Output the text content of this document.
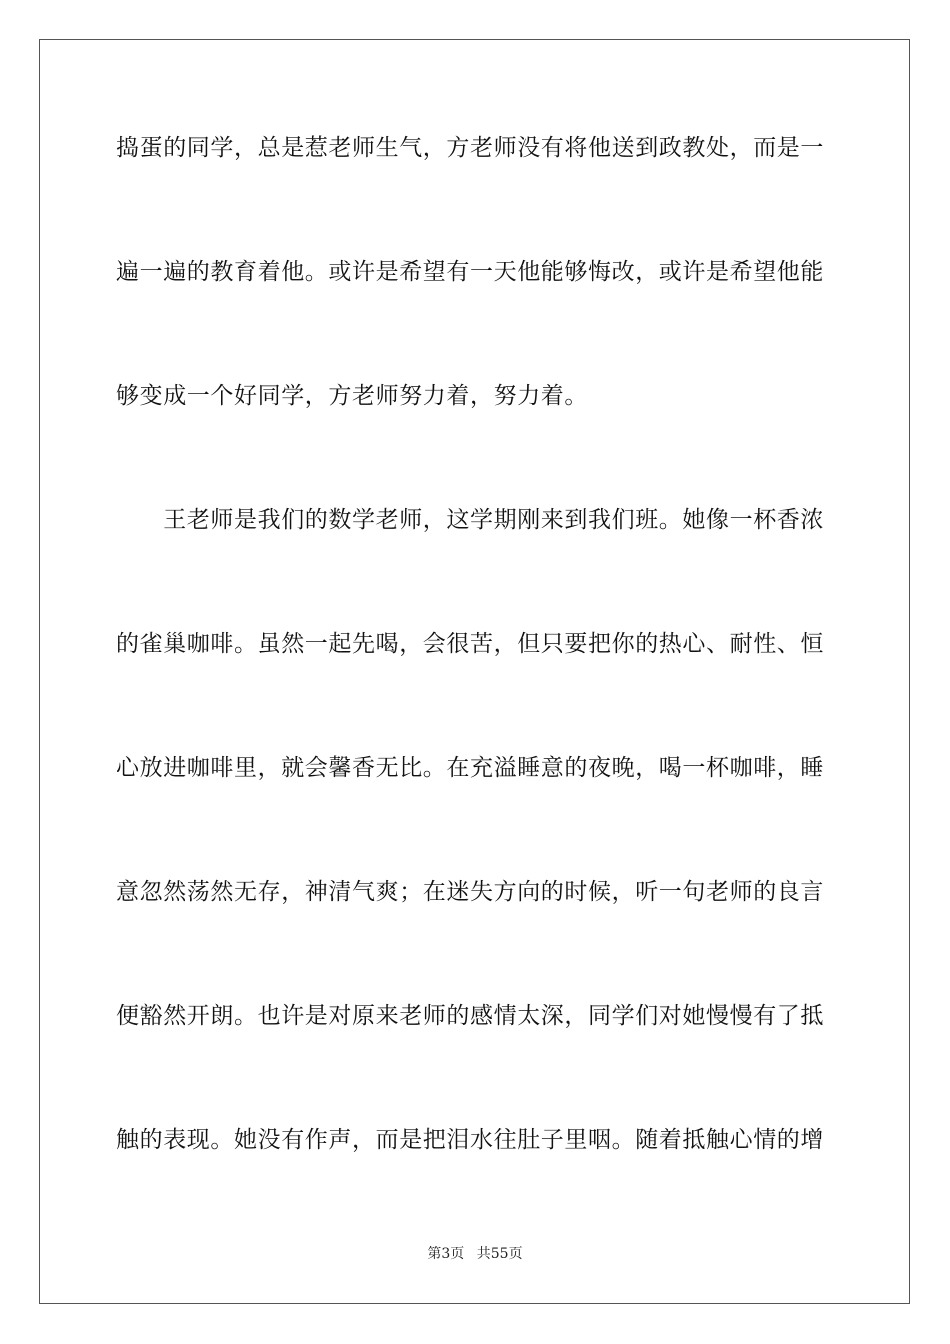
捣蛋的同学，总是惹老师生气，方老师没有将他送到政教处，而是一
遍一遍的教育着他。或许是希望有一天他能够悔改，或许是希望他能
够变成一个好同学，方老师努力着，努力着。
　　王老师是我们的数学老师，这学期刚来到我们班。她像一杯香浓
的雀巢咖啡。虽然一起先喝，会很苦，但只要把你的热心、耐性、恒
心放进咖啡里，就会馨香无比。在充溢睡意的夜晚，喝一杯咖啡，睡
意忽然荡然无存，神清气爽；在迷失方向的时候，听一句老师的良言
便豁然开朗。也许是对原来老师的感情太深，同学们对她慢慢有了抵
触的表现。她没有作声，而是把泪水往肚子里咽。随着抵触心情的增
第3页 共55页
